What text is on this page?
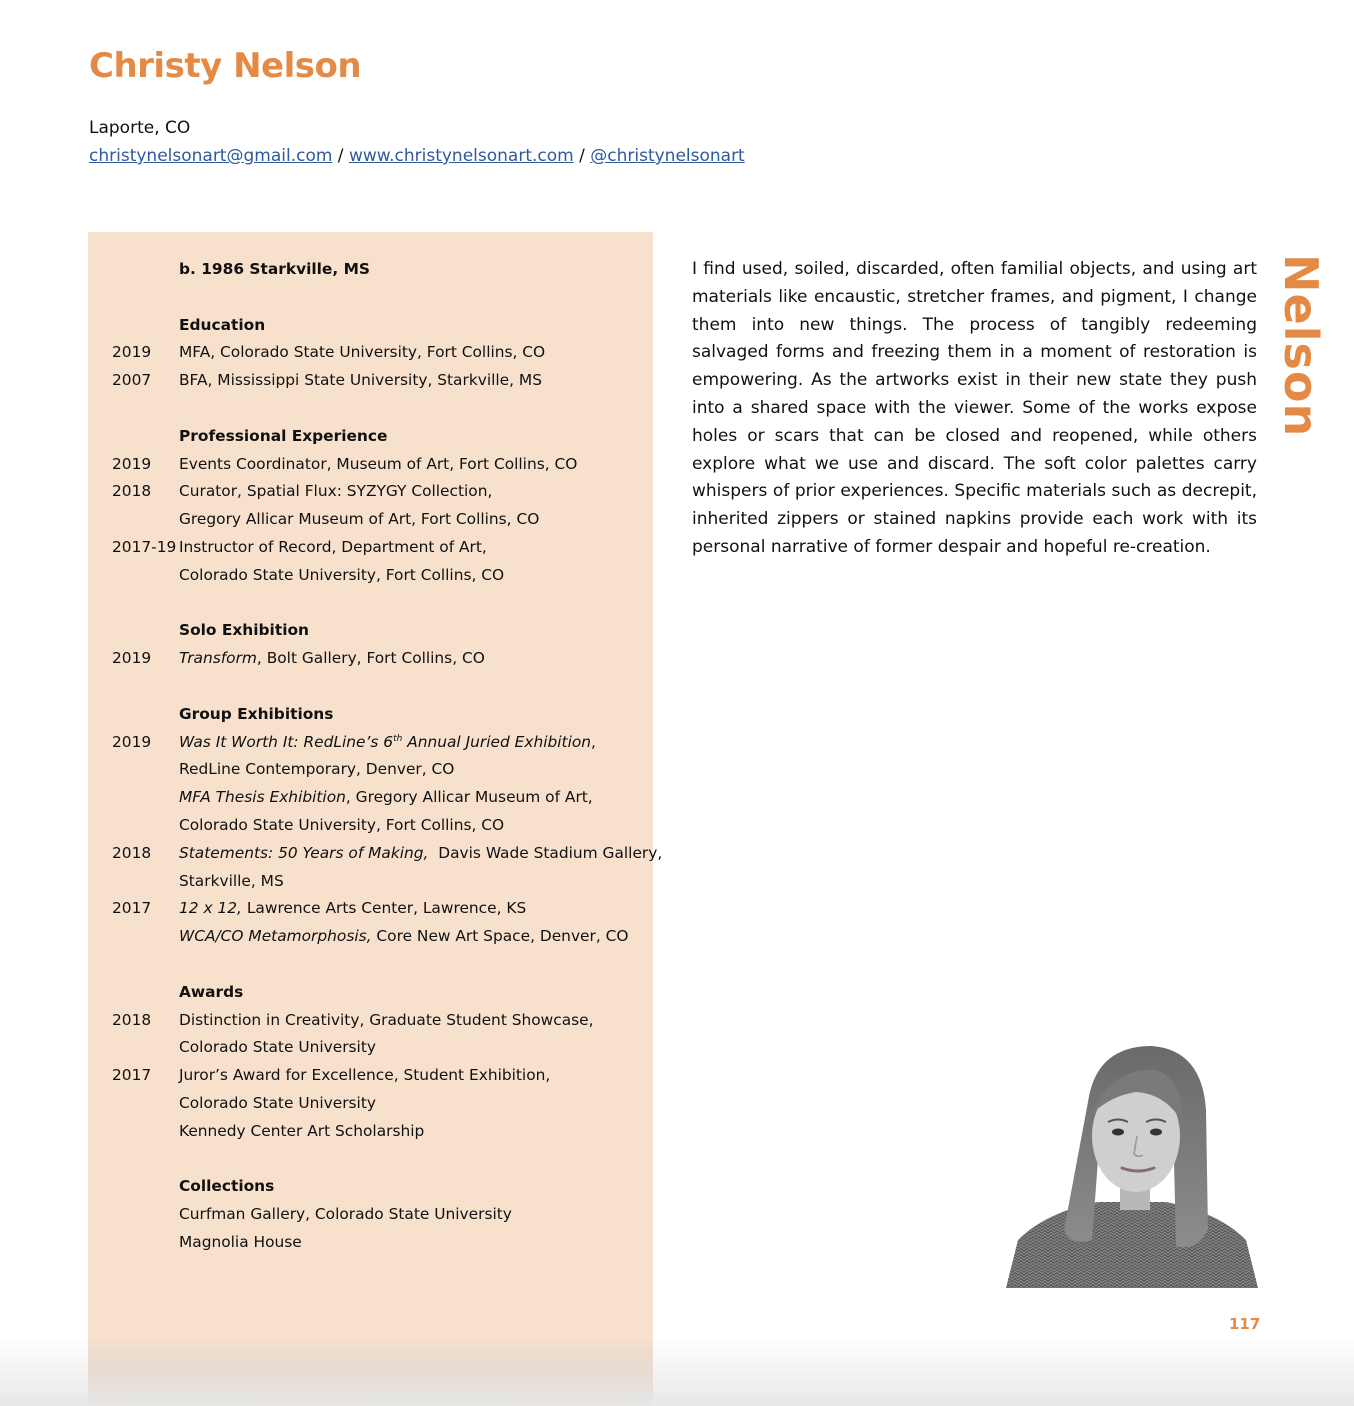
Christy Nelson
Laporte, CO
christynelsonart@gmail.com / www.christynelsonart.com / @christynelsonart
b. 1986 Starkville, MS
Education
2019	MFA, Colorado State University, Fort Collins, CO
2007	BFA, Mississippi State University, Starkville, MS
Professional Experience
2019	Events Coordinator, Museum of Art, Fort Collins, CO
2018	Curator, Spatial Flux: SYZYGY Collection,
Gregory Allicar Museum of Art, Fort Collins, CO
2017-19 Instructor of Record, Department of Art,
Colorado State University, Fort Collins, CO
Solo Exhibition
2019	Transform, Bolt Gallery, Fort Collins, CO
Group Exhibitions
2019	Was It Worth It: RedLine’s 6th Annual Juried Exhibition,
RedLine Contemporary, Denver, CO
MFA Thesis Exhibition, Gregory Allicar Museum of Art,
Colorado State University, Fort Collins, CO
2018	Statements: 50 Years of Making,  Davis Wade Stadium Gallery,
Starkville, MS
2017	12 x 12, Lawrence Arts Center, Lawrence, KS
WCA/CO Metamorphosis, Core New Art Space, Denver, CO
Awards
2018	Distinction in Creativity, Graduate Student Showcase,
Colorado State University
2017	Juror’s Award for Excellence, Student Exhibition,
Colorado State University
Kennedy Center Art Scholarship
Collections
Curfman Gallery, Colorado State University
Magnolia House

I find used, soiled, discarded, often familial objects, and using art materials like encaustic, stretcher frames, and pigment, I change them into new things. The process of tangibly redeeming salvaged forms and freezing them in a moment of restoration is empowering. As the artworks exist in their new state they push into a shared space with the viewer. Some of the works expose holes or scars that can be closed and reopened, while others explore what we use and discard. The soft color palettes carry whispers of prior experiences. Specific materials such as decrepit, inherited zippers or stained napkins provide each work with its personal narrative of former despair and hopeful re-creation.

Nelson
117
